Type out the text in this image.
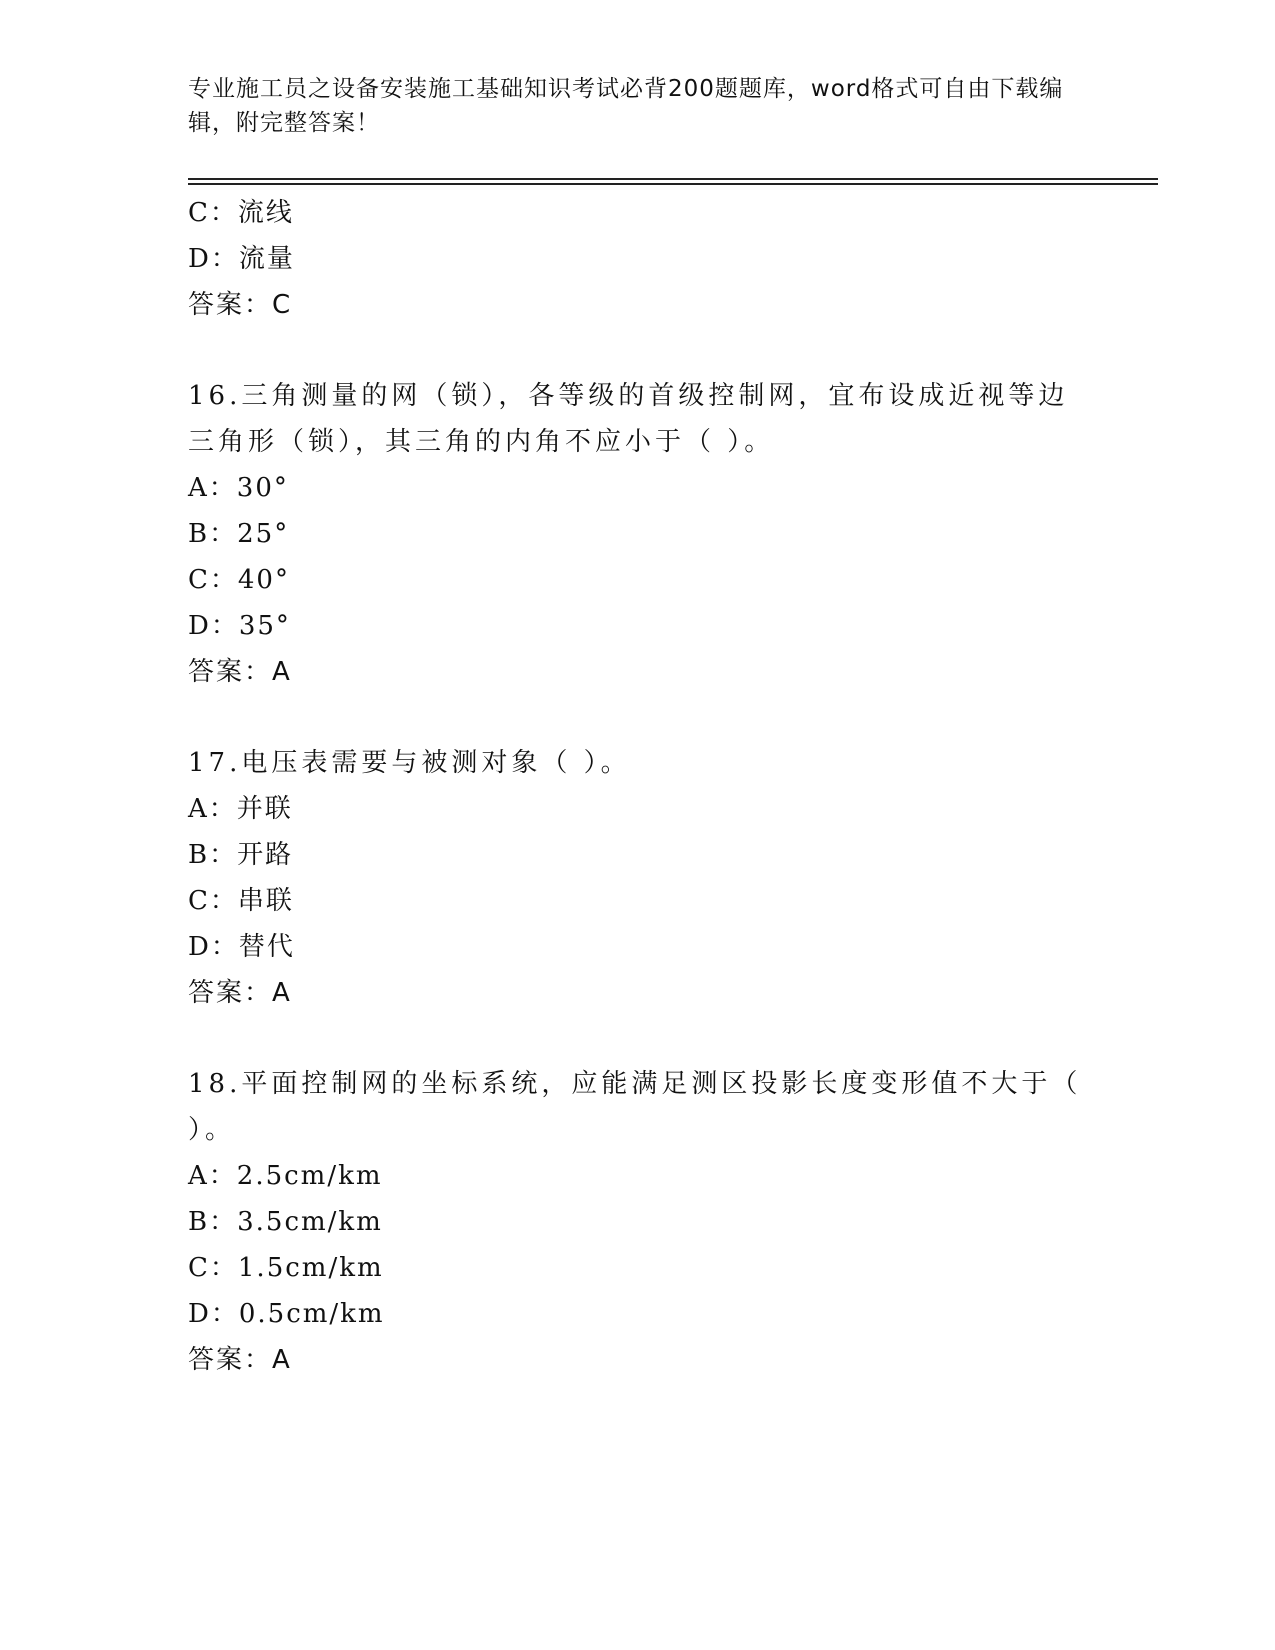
专业施工员之设备安装施工基础知识考试必背200题题库，word格式可自由下载编辑，附完整答案！
C：流线
D：流量
答案：C
16.三角测量的网（锁），各等级的首级控制网，宜布设成近视等边三角形（锁），其三角的内角不应小于（ ）。
A：30°
B：25°
C：40°
D：35°
答案：A
17.电压表需要与被测对象（ ）。
A：并联
B：开路
C：串联
D：替代
答案：A
18.平面控制网的坐标系统，应能满足测区投影长度变形值不大于（ ）。
A：2.5cm/km
B：3.5cm/km
C：1.5cm/km
D：0.5cm/km
答案：A
